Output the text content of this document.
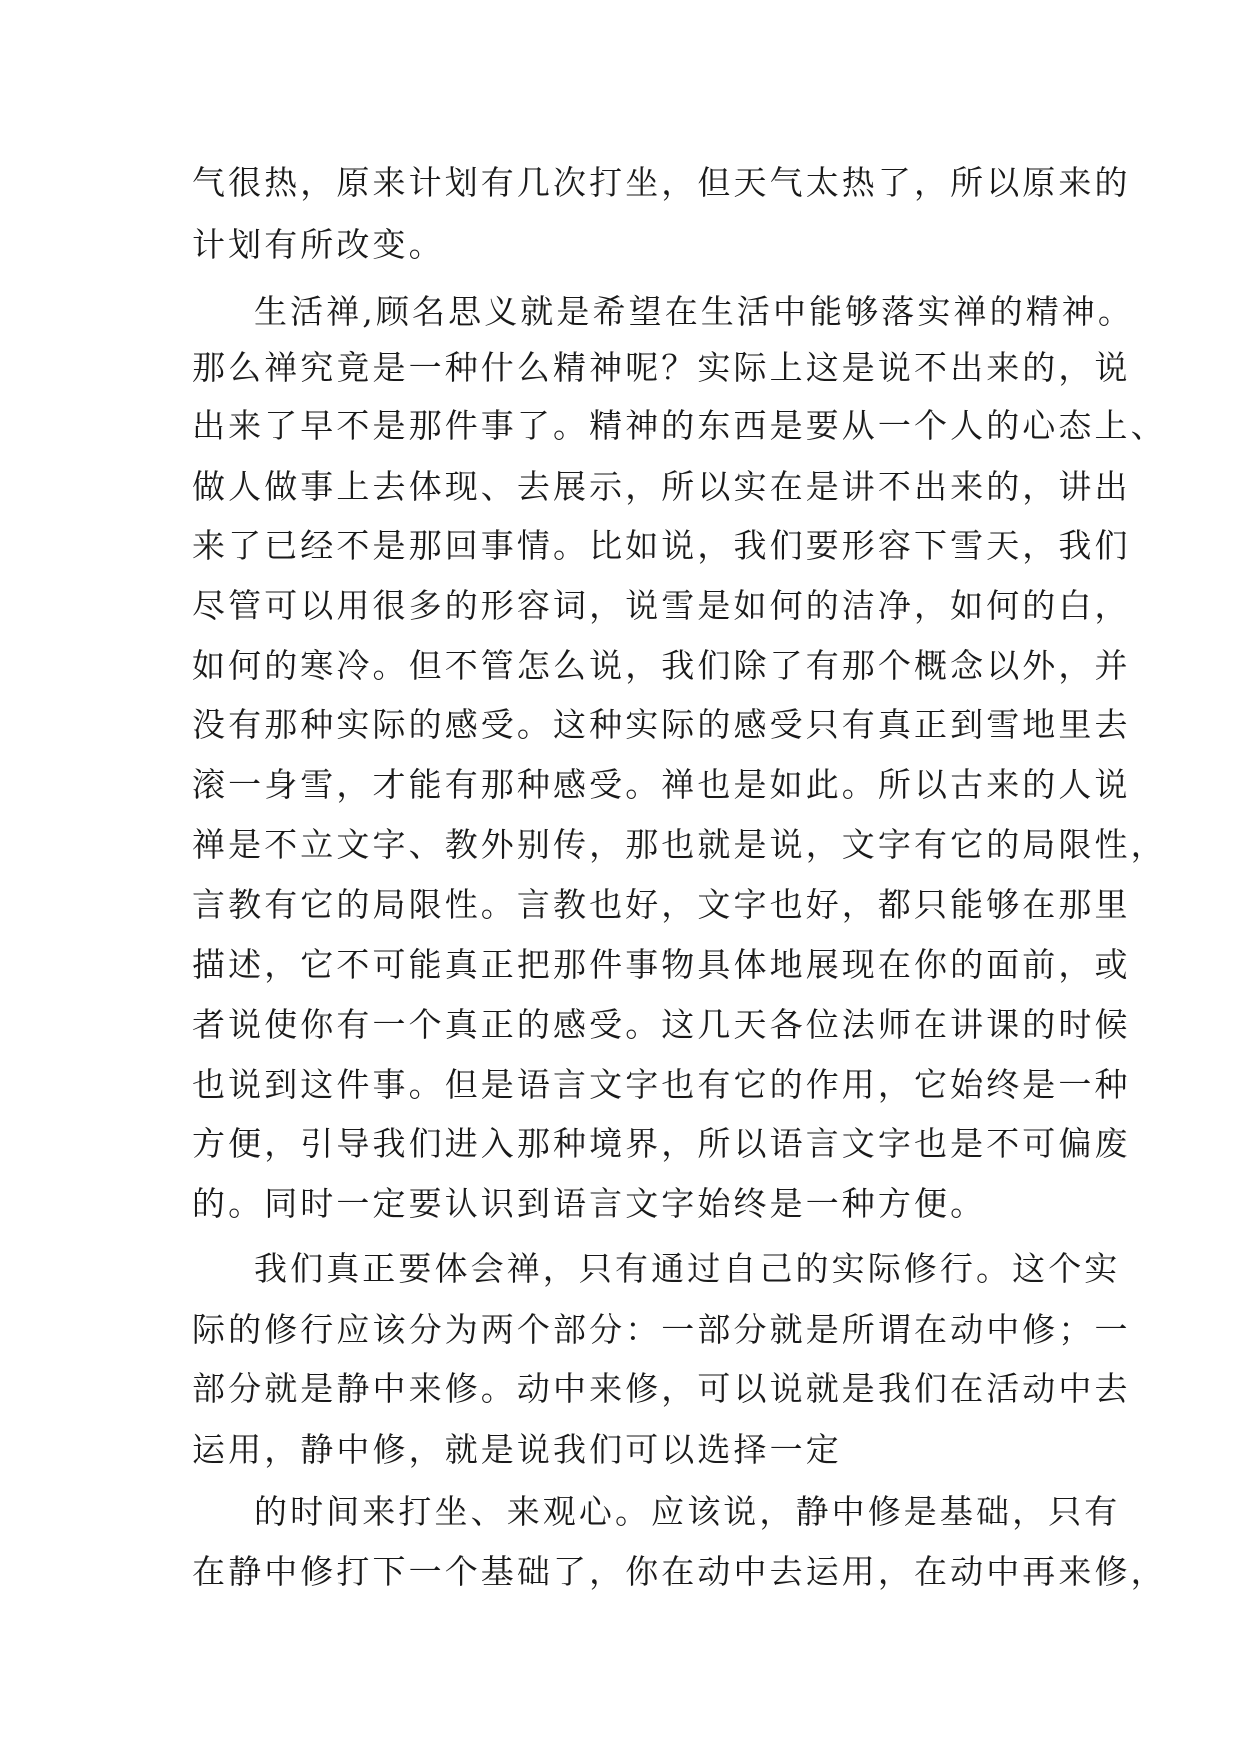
气很热，原来计划有几次打坐，但天气太热了，所以原来的
计划有所改变。
生活禅,顾名思义就是希望在生活中能够落实禅的精神。
那么禅究竟是一种什么精神呢？实际上这是说不出来的，说
出来了早不是那件事了。精神的东西是要从一个人的心态上、
做人做事上去体现、去展示，所以实在是讲不出来的，讲出
来了已经不是那回事情。比如说，我们要形容下雪天，我们
尽管可以用很多的形容词，说雪是如何的洁净，如何的白，
如何的寒冷。但不管怎么说，我们除了有那个概念以外，并
没有那种实际的感受。这种实际的感受只有真正到雪地里去
滚一身雪，才能有那种感受。禅也是如此。所以古来的人说
禅是不立文字、教外别传，那也就是说，文字有它的局限性，
言教有它的局限性。言教也好，文字也好，都只能够在那里
描述，它不可能真正把那件事物具体地展现在你的面前，或
者说使你有一个真正的感受。这几天各位法师在讲课的时候
也说到这件事。但是语言文字也有它的作用，它始终是一种
方便，引导我们进入那种境界，所以语言文字也是不可偏废
的。同时一定要认识到语言文字始终是一种方便。
我们真正要体会禅，只有通过自己的实际修行。这个实
际的修行应该分为两个部分：一部分就是所谓在动中修；一
部分就是静中来修。动中来修，可以说就是我们在活动中去
运用，静中修，就是说我们可以选择一定
的时间来打坐、来观心。应该说，静中修是基础，只有
在静中修打下一个基础了，你在动中去运用，在动中再来修，
